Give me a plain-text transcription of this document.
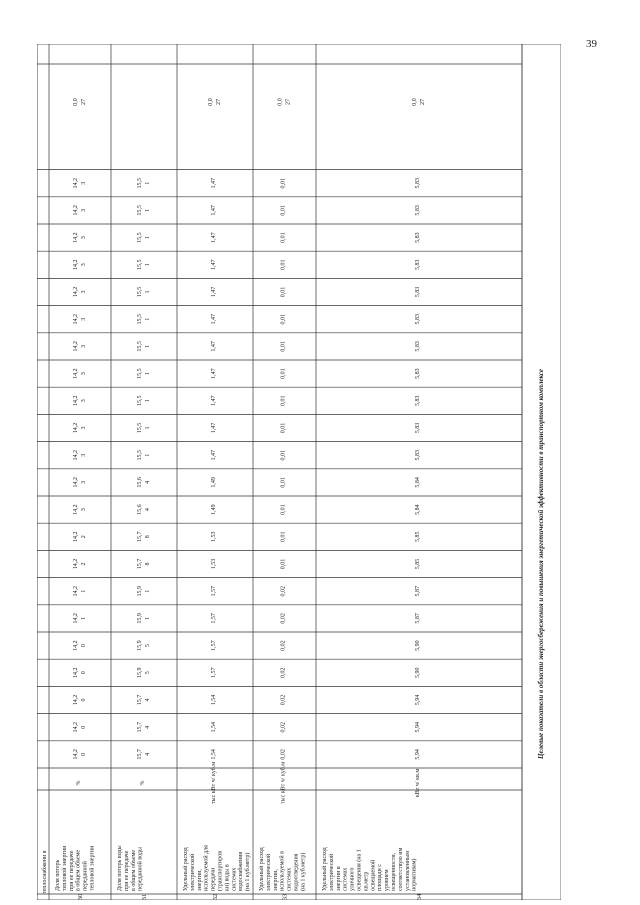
39
теплоснабжени я
30
Доля потерь тепловой энергии при ее передаче в общем объеме переданной тепловой энергии
%
14,2 0
14,2 0
14,2 0
14,2 0
14,2 0
14,2 1
14,2 1
14,2 2
14,2 2
14,2 3
14,2 3
14,2 3
14,2 3
14,2 3
14,2 3
14,2 3
14,2 3
14,2 3
14,2 3
14,2 3
14,2 3
14,2 3
0,0 27
31
Доля потерь воды при ее передаче в общем объеме переданной воды
%
15,7 4
15,7 4
15,7 4
15,9 5
15,9 5
15,9 1
15,9 1
15,7 8
15,7 8
15,6 4
15,6 4
15,5 1
15,5 1
15,5 1
15,5 1
15,5 1
15,5 1
15,5 1
15,5 1
15,5 1
15,5 1
15,5 1
32
Удельный расход электрической энергии, используемой для передачи (транспортиров ки) воды в системах водоснабжения (на 1 куб.метр)
тыс кВт ч/ куб.м
1,54
1,54
1,54
1,57
1,57
1,57
1,57
1,53
1,53
1,49
1,49
1,47
1,47
1,47
1,47
1,47
1,47
1,47
1,47
1,47
1,47
1,47
0,0 27
33
Удельный расход электрической энергии, используемой в системах водоотведения (на 1 куб.метр)
тыс кВт ч/ куб.м
0,02
0,02
0,02
0,02
0,02
0,02
0,02
0,01
0,01
0,01
0,01
0,01
0,01
0,01
0,01
0,01
0,01
0,01
0,01
0,01
0,01
0,01
0,0 27
34
Удельный расход электрической энергии в системах уличного освещения (на 1 кв.метр освещаемой площади с уровнем освещенности, соответствую им установленным нормативам)
кВт ч/ кв.м
5,94
5,94
5,94
5,90
5,90
5,87
5,87
5,85
5,85
5,84
5,84
5,83
5,83
5,83
5,83
5,83
5,83
5,83
5,83
5,83
5,83
5,83
0,0 27
Целевые показатели в области энергосбережения и повышения энергетической эффективности в транспортном комплексе
